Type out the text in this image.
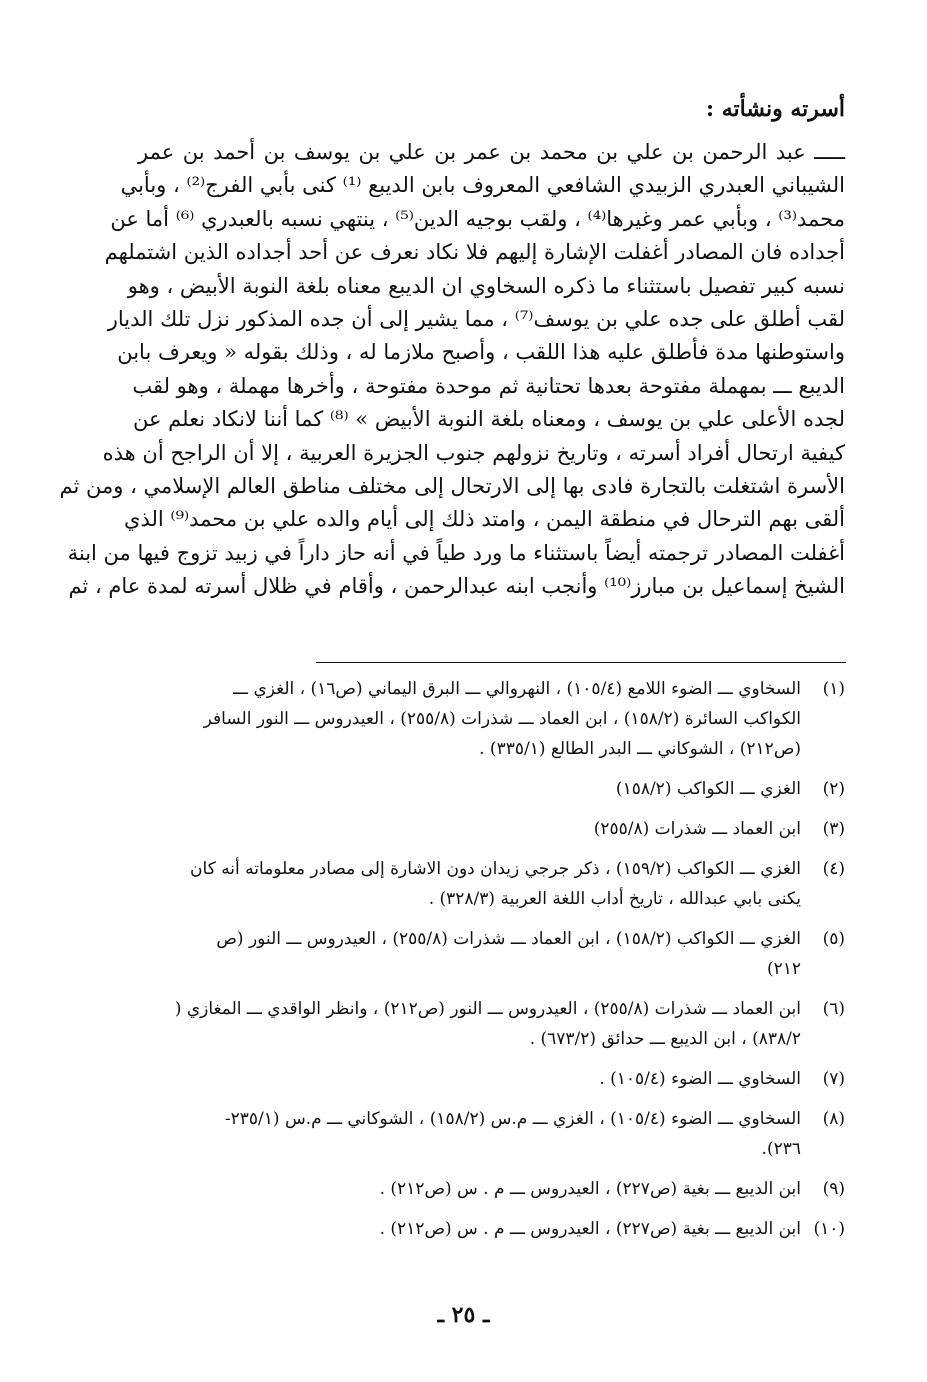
أسرته ونشأته :
ـــــ عبد الرحمن بن علي بن محمد بن عمر بن علي بن يوسف بن أحمد بن عمر
الشيباني العبدري الزبيدي الشافعي المعروف بابن الديبع ⁽¹⁾ كنى بأبي الفرج⁽²⁾ ، وبأبي
محمد⁽³⁾ ، وبأبي عمر وغيرها⁽⁴⁾ ، ولقب بوجيه الدين⁽⁵⁾ ، ينتهي نسبه بالعبدري ⁽⁶⁾ أما عن
أجداده فان المصادر أغفلت الإشارة إليهم فلا نكاد نعرف عن أحد أجداده الذين اشتملهم
نسبه كبير تفصيل باستثناء ما ذكره السخاوي ان الديبع معناه بلغة النوبة الأبيض ، وهو
لقب أطلق على جده علي بن يوسف⁽⁷⁾ ، مما يشير إلى أن جده المذكور نزل تلك الديار
واستوطنها مدة فأطلق عليه هذا اللقب ، وأصبح ملازما له ، وذلك بقوله « ويعرف بابن
الديبع ـــ بمهملة مفتوحة بعدها تحتانية ثم موحدة مفتوحة ، وأخرها مهملة ، وهو لقب
لجده الأعلى علي بن يوسف ، ومعناه بلغة النوبة الأبيض » ⁽⁸⁾ كما أننا لانكاد نعلم عن
كيفية ارتحال أفراد أسرته ، وتاريخ نزولهم جنوب الجزيرة العربية ، إلا أن الراجح أن هذه
الأسرة اشتغلت بالتجارة فادى بها إلى الارتحال إلى مختلف مناطق العالم الإسلامي ، ومن ثم
ألقى بهم الترحال في منطقة اليمن ، وامتد ذلك إلى أيام والده علي بن محمد⁽⁹⁾ الذي
أغفلت المصادر ترجمته أيضاً باستثناء ما ورد طياً في أنه حاز داراً في زبيد تزوج فيها من ابنة
الشيخ إسماعيل بن مبارز⁽¹⁰⁾ وأنجب ابنه عبدالرحمن ، وأقام في ظلال أسرته لمدة عام ، ثم
(١)
السخاوي ـــ الضوء اللامع (١٠٥/٤) ، النهروالي ـــ البرق اليماني (ص١٦) ، الغزي ـــ
الكواكب السائرة (١٥٨/٢) ، ابن العماد ـــ شذرات (٢٥٥/٨) ، العيدروس ـــ النور السافر
(ص٢١٢) ، الشوكاني ـــ البدر الطالع (٣٣٥/١) .
(٢)
الغزي ـــ الكواكب (١٥٨/٢)
(٣)
ابن العماد ـــ شذرات (٢٥٥/٨)
(٤)
الغزي ـــ الكواكب (١٥٩/٢) ، ذكر جرجي زيدان دون الاشارة إلى مصادر معلوماته أنه كان
يكنى بابي عبدالله ، تاريخ أداب اللغة العربية (٣٢٨/٣) .
(٥)
الغزي ـــ الكواكب (١٥٨/٢) ، ابن العماد ـــ شذرات (٢٥٥/٨) ، العيدروس ـــ النور (ص
٢١٢)
(٦)
ابن العماد ـــ شذرات (٢٥٥/٨) ، العيدروس ـــ النور (ص٢١٢) ، وانظر الواقدي ـــ المغازي (
٨٣٨/٢) ، ابن الديبع ـــ حدائق (٦٧٣/٢) .
(٧)
السخاوي ـــ الضوء (١٠٥/٤) .
(٨)
السخاوي ـــ الضوء (١٠٥/٤) ، الغزي ـــ م.س (١٥٨/٢) ، الشوكاني ـــ م.س (٢٣٥/١-
٢٣٦).
(٩)
ابن الديبع ـــ بغية (ص٢٢٧) ، العيدروس ـــ م . س (ص٢١٢) .
(١٠)
ابن الديبع ـــ بغية (ص٢٢٧) ، العيدروس ـــ م . س (ص٢١٢) .
ـ ٢٥ ـ
